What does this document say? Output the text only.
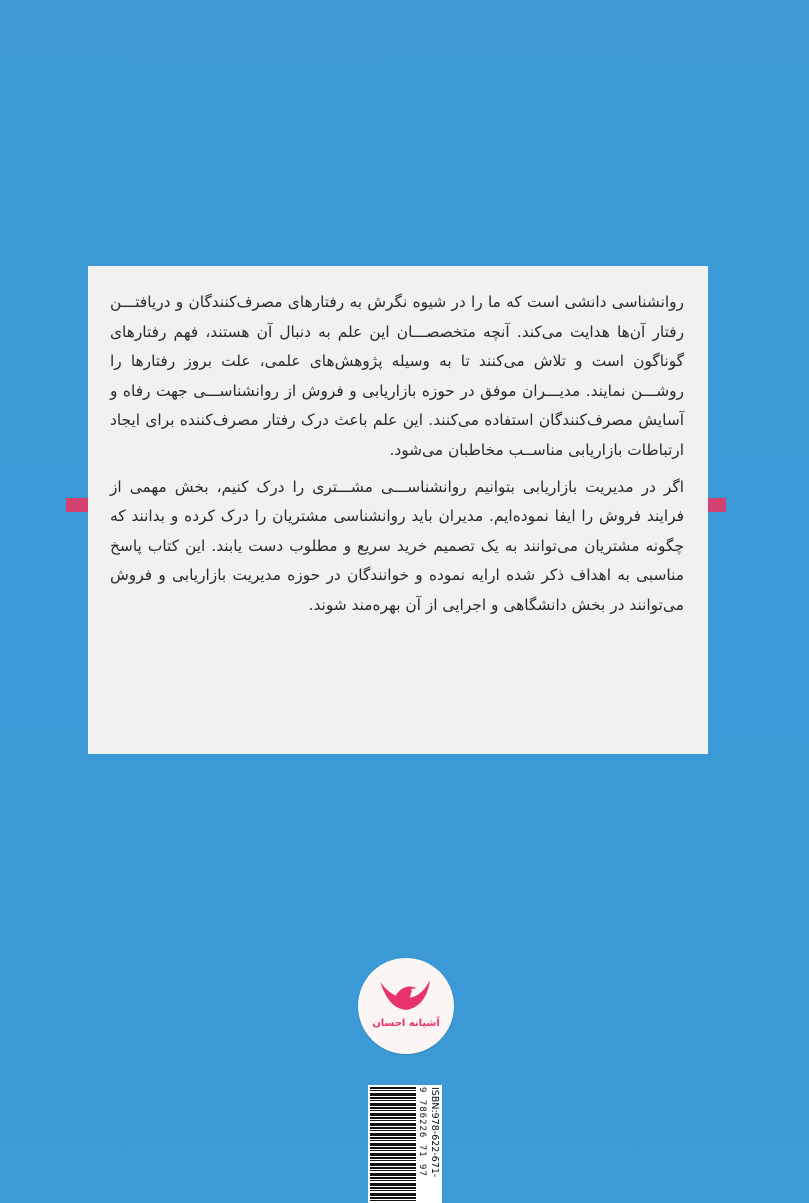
روانشناسی دانشی است که ما را در شیوه نگرش به رفتارهای مصرف‌کنندگان و دریافتـــن رفتار آن‌ها هدایت می‌کند. آنچه متخصصـــان این علم به دنبال آن هستند، فهم رفتارهای گوناگون است و تلاش می‌کنند تا به وسیله پژوهش‌های علمی، علت بروز رفتارها را روشـــن نمایند. مدیـــران موفق در حوزه بازاریابی و فروش از روانشناســـی جهت رفاه و آسایش مصرف‌کنندگان استفاده می‌کنند. این علم باعث درک رفتار مصرف‌کننده برای ایجاد ارتباطات بازاریابی مناســب مخاطبان می‌شود.

اگر در مدیریت بازاریابی بتوانیم روانشناســـی مشـــتری را درک کنیم، بخش مهمی از فرایند فروش را ایفا نموده‌ایم. مدیران باید روانشناسی مشتریان را درک کرده و بدانند که چگونه مشتریان می‌توانند به یک تصمیم خرید سریع و مطلوب دست یابند. این کتاب پاسخ مناسبی به اهداف ذکر شده ارایه نموده و خوانندگان در حوزه مدیریت بازاریابی و فروش می‌توانند در بخش دانشگاهی و اجرایی از آن بهره‌مند شوند.

آشیانه احسان
9 786226 71 97 ISBN:978-622-671-
